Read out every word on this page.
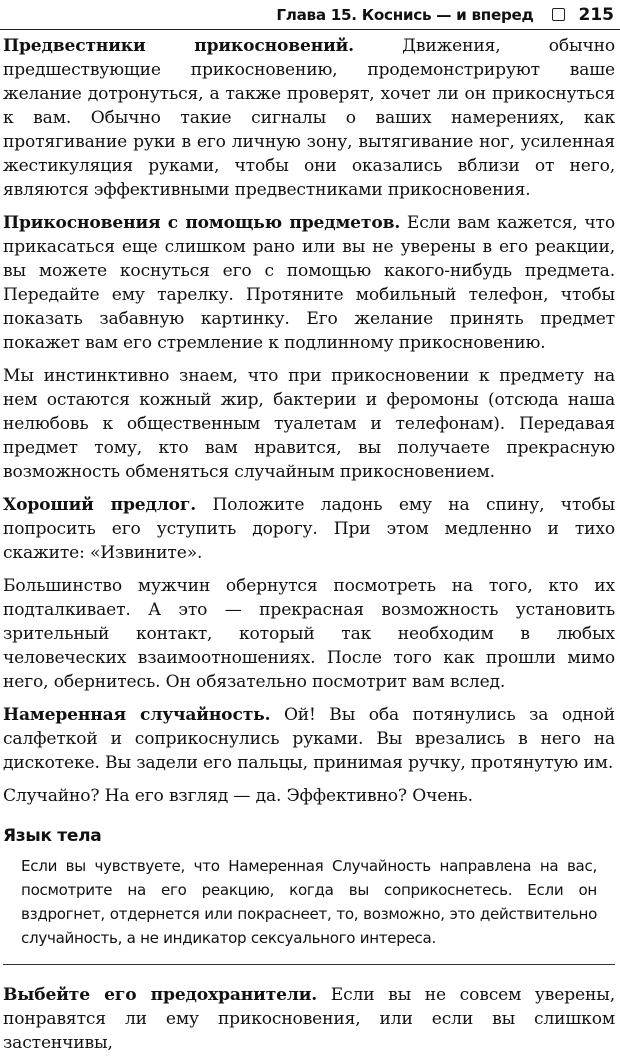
Глава 15. Коснись — и вперед	215

Предвестники прикосновений. Движения, обычно предшествующие прикосновению, продемонстрируют ваше желание дотронуться, а также проверят, хочет ли он прикоснуться к вам. Обычно такие сигналы о ваших намерениях, как протягивание руки в его личную зону, вытягивание ног, усиленная жестикуляция руками, чтобы они оказались вблизи от него, являются эффективными предвестниками прикосновения.

Прикосновения с помощью предметов. Если вам кажется, что прикасаться еще слишком рано или вы не уверены в его реакции, вы можете коснуться его с помощью какого-нибудь предмета. Передайте ему тарелку. Протяните мобильный телефон, чтобы показать забавную картинку. Его желание принять предмет покажет вам его стремление к подлинному прикосновению.

Мы инстинктивно знаем, что при прикосновении к предмету на нем остаются кожный жир, бактерии и феромоны (отсюда наша нелюбовь к общественным туалетам и телефонам). Передавая предмет тому, кто вам нравится, вы получаете прекрасную возможность обменяться случайным прикосновением.

Хороший предлог. Положите ладонь ему на спину, чтобы попросить его уступить дорогу. При этом медленно и тихо скажите: «Извините».

Большинство мужчин обернутся посмотреть на того, кто их подталкивает. А это — прекрасная возможность установить зрительный контакт, который так необходим в любых человеческих взаимоотношениях. После того как прошли мимо него, обернитесь. Он обязательно посмотрит вам вслед.

Намеренная случайность. Ой! Вы оба потянулись за одной салфеткой и соприкоснулись руками. Вы врезались в него на дискотеке. Вы задели его пальцы, принимая ручку, протянутую им.

Случайно? На его взгляд — да. Эффективно? Очень.

Язык тела
Если вы чувствуете, что Намеренная Случайность направлена на вас, посмотрите на его реакцию, когда вы соприкоснетесь. Если он вздрогнет, отдернется или покраснеет, то, возможно, это действительно случайность, а не индикатор сексуального интереса.

Выбейте его предохранители. Если вы не совсем уверены, понравятся ли ему прикосновения, или если вы слишком застенчивы,
